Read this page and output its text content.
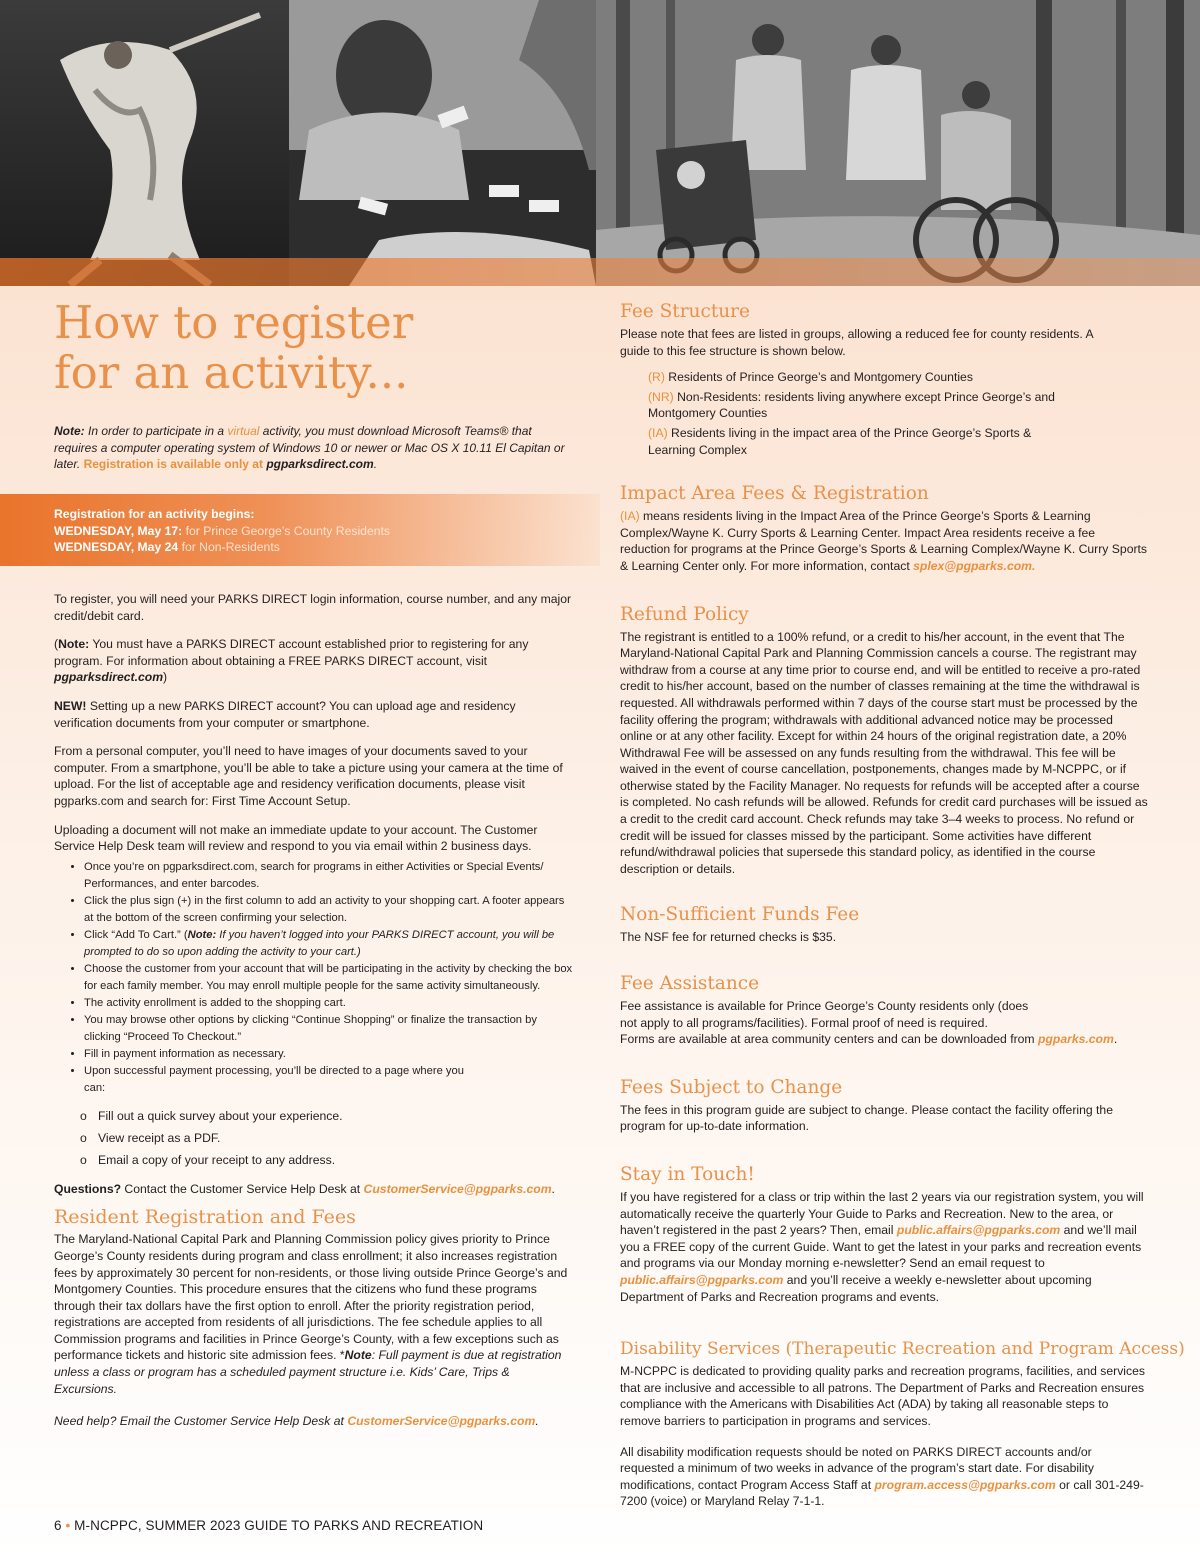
How to register
for an activity...

Note: In order to participate in a virtual activity, you must download Microsoft Teams® that requires a computer operating system of Windows 10 or newer or Mac OS X 10.11 El Capitan or later. Registration is available only at pgparksdirect.com.

Registration for an activity begins:
WEDNESDAY, May 17: for Prince George’s County Residents
WEDNESDAY, May 24 for Non-Residents

To register, you will need your PARKS DIRECT login information, course number, and any major credit/debit card.

(Note: You must have a PARKS DIRECT account established prior to registering for any program. For information about obtaining a FREE PARKS DIRECT account, visit pgparksdirect.com)

NEW! Setting up a new PARKS DIRECT account? You can upload age and residency verification documents from your computer or smartphone.

From a personal computer, you’ll need to have images of your documents saved to your computer. From a smartphone, you’ll be able to take a picture using your camera at the time of upload. For the list of acceptable age and residency verification documents, please visit pgparks.com and search for: First Time Account Setup.

Uploading a document will not make an immediate update to your account. The Customer Service Help Desk team will review and respond to you via email within 2 business days.

• Once you’re on pgparksdirect.com, search for programs in either Activities or Special Events/ Performances, and enter barcodes.
• Click the plus sign (+) in the first column to add an activity to your shopping cart. A footer appears at the bottom of the screen confirming your selection.
• Click “Add To Cart.” (Note: If you haven’t logged into your PARKS DIRECT account, you will be prompted to do so upon adding the activity to your cart.)
• Choose the customer from your account that will be participating in the activity by checking the box for each family member. You may enroll multiple people for the same activity simultaneously.
• The activity enrollment is added to the shopping cart.
• You may browse other options by clicking “Continue Shopping” or finalize the transaction by clicking “Proceed To Checkout.”
• Fill in payment information as necessary.
• Upon successful payment processing, you’ll be directed to a page where you can:
o Fill out a quick survey about your experience.
o View receipt as a PDF.
o Email a copy of your receipt to any address.

Questions? Contact the Customer Service Help Desk at CustomerService@pgparks.com.

Resident Registration and Fees

The Maryland-National Capital Park and Planning Commission policy gives priority to Prince George’s County residents during program and class enrollment; it also increases registration fees by approximately 30 percent for non-residents, or those living outside Prince George’s and Montgomery Counties. This procedure ensures that the citizens who fund these programs through their tax dollars have the first option to enroll. After the priority registration period, registrations are accepted from residents of all jurisdictions. The fee schedule applies to all Commission programs and facilities in Prince George’s County, with a few exceptions such as performance tickets and historic site admission fees. *Note: Full payment is due at registration unless a class or program has a scheduled payment structure i.e. Kids’ Care, Trips & Excursions.

Need help? Email the Customer Service Help Desk at CustomerService@pgparks.com.

Fee Structure

Please note that fees are listed in groups, allowing a reduced fee for county residents. A guide to this fee structure is shown below.

(R) Residents of Prince George’s and Montgomery Counties
(NR) Non-Residents: residents living anywhere except Prince George’s and Montgomery Counties
(IA) Residents living in the impact area of the Prince George’s Sports & Learning Complex
Impact Area Fees & Registration

(IA) means residents living in the Impact Area of the Prince George’s Sports & Learning Complex/Wayne K. Curry Sports & Learning Center. Impact Area residents receive a fee reduction for programs at the Prince George’s Sports & Learning Complex/Wayne K. Curry Sports & Learning Center only. For more information, contact splex@pgparks.com.

Refund Policy

The registrant is entitled to a 100% refund, or a credit to his/her account, in the event that The Maryland-National Capital Park and Planning Commission cancels a course. The registrant may withdraw from a course at any time prior to course end, and will be entitled to receive a pro-rated credit to his/her account, based on the number of classes remaining at the time the withdrawal is requested. All withdrawals performed within 7 days of the course start must be processed by the facility offering the program; withdrawals with additional advanced notice may be processed online or at any other facility. Except for within 24 hours of the original registration date, a 20% Withdrawal Fee will be assessed on any funds resulting from the withdrawal. This fee will be waived in the event of course cancellation, postponements, changes made by M-NCPPC, or if otherwise stated by the Facility Manager. No requests for refunds will be accepted after a course is completed. No cash refunds will be allowed. Refunds for credit card purchases will be issued as a credit to the credit card account. Check refunds may take 3–4 weeks to process. No refund or credit will be issued for classes missed by the participant. Some activities have different refund/withdrawal policies that supersede this standard policy, as identified in the course description or details.

Non-Sufficient Funds Fee

The NSF fee for returned checks is $35.

Fee Assistance

Fee assistance is available for Prince George’s County residents only (does not apply to all programs/facilities). Formal proof of need is required.
Forms are available at area community centers and can be downloaded from pgparks.com.

Fees Subject to Change

The fees in this program guide are subject to change. Please contact the facility offering the program for up-to-date information.

Stay in Touch!

If you have registered for a class or trip within the last 2 years via our registration system, you will automatically receive the quarterly Your Guide to Parks and Recreation. New to the area, or haven’t registered in the past 2 years? Then, email public.affairs@pgparks.com and we’ll mail you a FREE copy of the current Guide. Want to get the latest in your parks and recreation events and programs via our Monday morning e-newsletter? Send an email request to public.affairs@pgparks.com and you’ll receive a weekly e-newsletter about upcoming Department of Parks and Recreation programs and events.

Disability Services (Therapeutic Recreation and Program Access)

M-NCPPC is dedicated to providing quality parks and recreation programs, facilities, and services that are inclusive and accessible to all patrons. The Department of Parks and Recreation ensures compliance with the Americans with Disabilities Act (ADA) by taking all reasonable steps to remove barriers to participation in programs and services.

All disability modification requests should be noted on PARKS DIRECT accounts and/or requested a minimum of two weeks in advance of the program’s start date. For disability modifications, contact Program Access Staff at program.access@pgparks.com or call 301-249-7200 (voice) or Maryland Relay 7-1-1.

6 • M-NCPPC, SUMMER 2023 GUIDE TO PARKS AND RECREATION
